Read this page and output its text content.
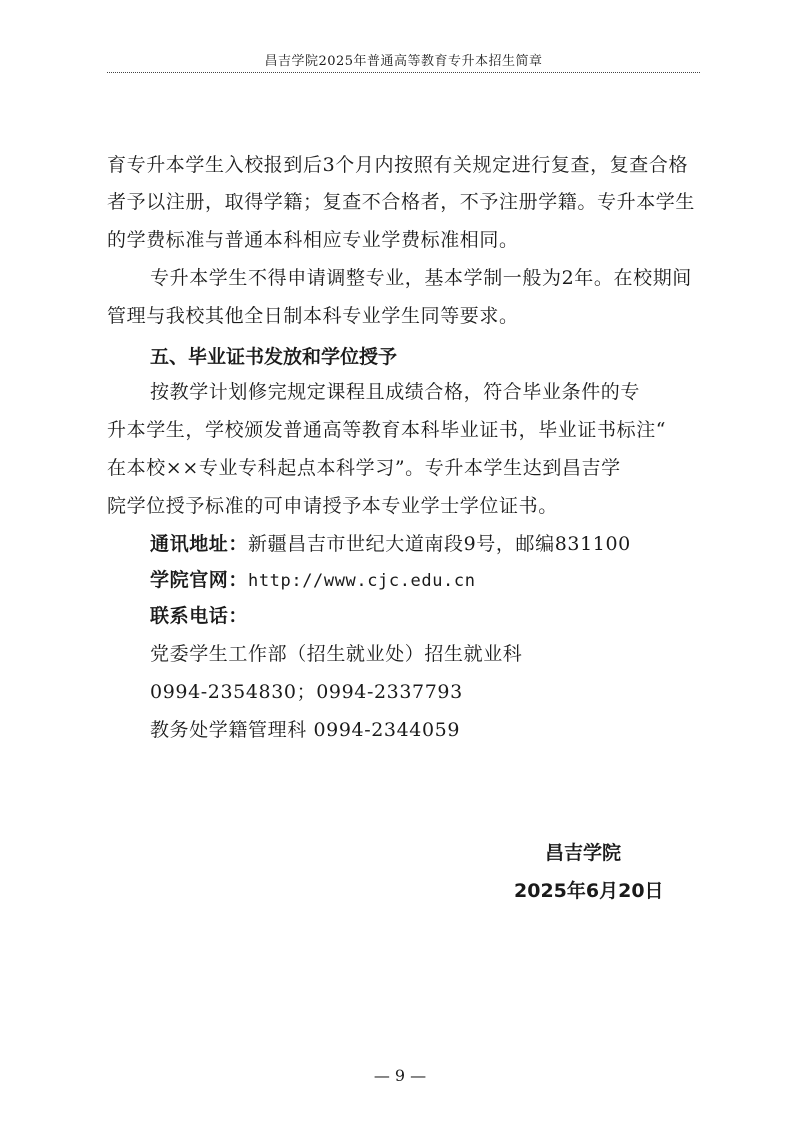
昌吉学院2025年普通高等教育专升本招生简章
育专升本学生入校报到后3个月内按照有关规定进行复查，复查合格
者予以注册，取得学籍；复查不合格者，不予注册学籍。专升本学生
的学费标准与普通本科相应专业学费标准相同。
专升本学生不得申请调整专业，基本学制一般为2年。在校期间
管理与我校其他全日制本科专业学生同等要求。
五、毕业证书发放和学位授予
按教学计划修完规定课程且成绩合格，符合毕业条件的专
升本学生，学校颁发普通高等教育本科毕业证书，毕业证书标注“
在本校××专业专科起点本科学习”。专升本学生达到昌吉学
院学位授予标准的可申请授予本专业学士学位证书。
通讯地址：新疆昌吉市世纪大道南段9号，邮编831100
学院官网：http://www.cjc.edu.cn
联系电话：
党委学生工作部（招生就业处）招生就业科
0994-2354830；0994-2337793
教务处学籍管理科 0994-2344059
昌吉学院
2025年6月20日
— 9 —
